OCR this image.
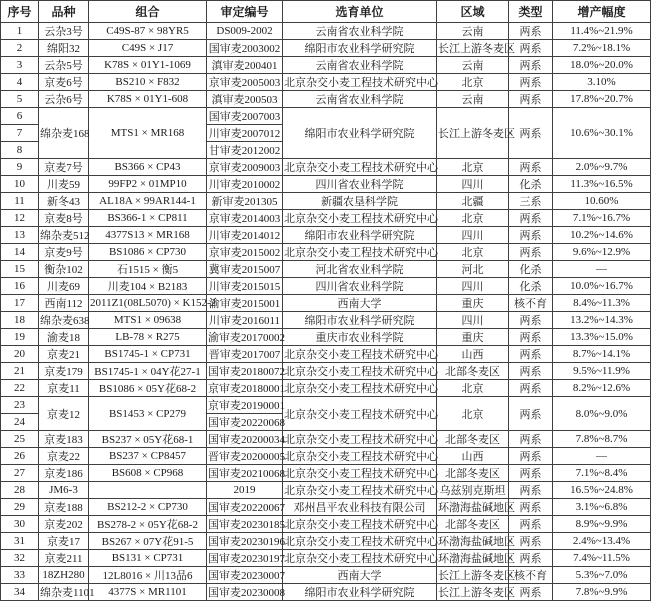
序号	品种	组合	审定编号	选育单位	区域	类型	增产幅度
1	云杂3号	C49S-87 × 98YR5	DS009-2002	云南省农业科学院	云南	两系	11.4%~21.9%
2	绵阳32	C49S × J17	国审麦2003002	绵阳市农业科学研究院	长江上游冬麦区	两系	7.2%~18.1%
3	云杂5号	K78S × 01Y1-1069	滇审麦200401	云南省农业科学院	云南	两系	18.0%~20.0%
4	京麦6号	BS210 × F832	京审麦2005003	北京杂交小麦工程技术研究中心	北京	两系	3.10%
5	云杂6号	K78S × 01Y1-608	滇审麦200503	云南省农业科学院	云南	两系	17.8%~20.7%
6	绵杂麦168	MTS1 × MR168	国审麦2007003	绵阳市农业科学研究院	长江上游冬麦区	两系	10.6%~30.1%
7			川审麦2007012				
8			甘审麦2012002				
9	京麦7号	BS366 × CP43	京审麦2009003	北京杂交小麦工程技术研究中心	北京	两系	2.0%~9.7%
10	川麦59	99FP2 × 01MP10	川审麦2010002	四川省农业科学院	四川	化杀	11.3%~16.5%
11	新冬43	AL18A × 99AR144-1	新审麦201305	新疆农垦科学院	北疆	三系	10.60%
12	京麦8号	BS366-1 × CP811	京审麦2014003	北京杂交小麦工程技术研究中心	北京	两系	7.1%~16.7%
13	绵杂麦512	4377S13 × MR168	川审麦2014012	绵阳市农业科学研究院	四川	两系	10.2%~14.6%
14	京麦9号	BS1086 × CP730	京审麦2015002	北京杂交小麦工程技术研究中心	北京	两系	9.6%~12.9%
15	衡杂102	石1515 × 衡5	冀审麦2015007	河北省农业科学院	河北	化杀	—
16	川麦69	川麦104 × B2183	川审麦2015015	四川省农业科学院	四川	化杀	10.0%~16.7%
17	西南112	2011Z1(08L5070) × K152-2	渝审麦2015001	西南大学	重庆	核不育	8.4%~11.3%
18	绵杂麦638	MTS1 × 09638	川审麦2016011	绵阳市农业科学研究院	四川	两系	13.2%~14.3%
19	渝麦18	LB-78 × R275	渝审麦20170002	重庆市农业科学院	重庆	两系	13.3%~15.0%
20	京麦21	BS1745-1 × CP731	晋审麦2017007	北京杂交小麦工程技术研究中心	山西	两系	8.7%~14.1%
21	京麦179	BS1745-1 × 04Y花27-1	国审麦20180072	北京杂交小麦工程技术研究中心	北部冬麦区	两系	9.5%~11.9%
22	京麦11	BS1086 × 05Y花68-2	京审麦20180001	北京杂交小麦工程技术研究中心	北京	两系	8.2%~12.6%
23	京麦12	BS1453 × CP279	京审麦20190001	北京杂交小麦工程技术研究中心	北京	两系	8.0%~9.0%
24			国审麦20220068				
25	京麦183	BS237 × 05Y花68-1	国审麦20200034	北京杂交小麦工程技术研究中心	北部冬麦区	两系	7.8%~8.7%
26	京麦22	BS237 × CP8457	晋审麦20200005	北京杂交小麦工程技术研究中心	山西	两系	—
27	京麦186	BS608 × CP968	国审麦20210068	北京杂交小麦工程技术研究中心	北部冬麦区	两系	7.1%~8.4%
28	JM6-3		2019	北京杂交小麦工程技术研究中心	乌兹别克斯坦	两系	16.5%~24.8%
29	京麦188	BS212-2 × CP730	国审麦20220067	邓州昌平农业科技有限公司	环渤海盐碱地区	两系	3.1%~6.8%
30	京麦202	BS278-2 × 05Y花68-2	国审麦20230185	北京杂交小麦工程技术研究中心	北部冬麦区	两系	8.9%~9.9%
31	京麦17	BS267 × 07Y花91-5	国审麦20230196	北京杂交小麦工程技术研究中心	环渤海盐碱地区	两系	2.4%~13.4%
32	京麦211	BS131 × CP731	国审麦20230197	北京杂交小麦工程技术研究中心	环渤海盐碱地区	两系	7.4%~11.5%
33	18ZH280	12L8016 × 川13品6	国审麦20230007	西南大学	长江上游冬麦区	核不育	5.3%~7.0%
34	绵杂麦1101	4377S × MR1101	国审麦20230008	绵阳市农业科学研究院	长江上游冬麦区	两系	7.8%~9.9%
